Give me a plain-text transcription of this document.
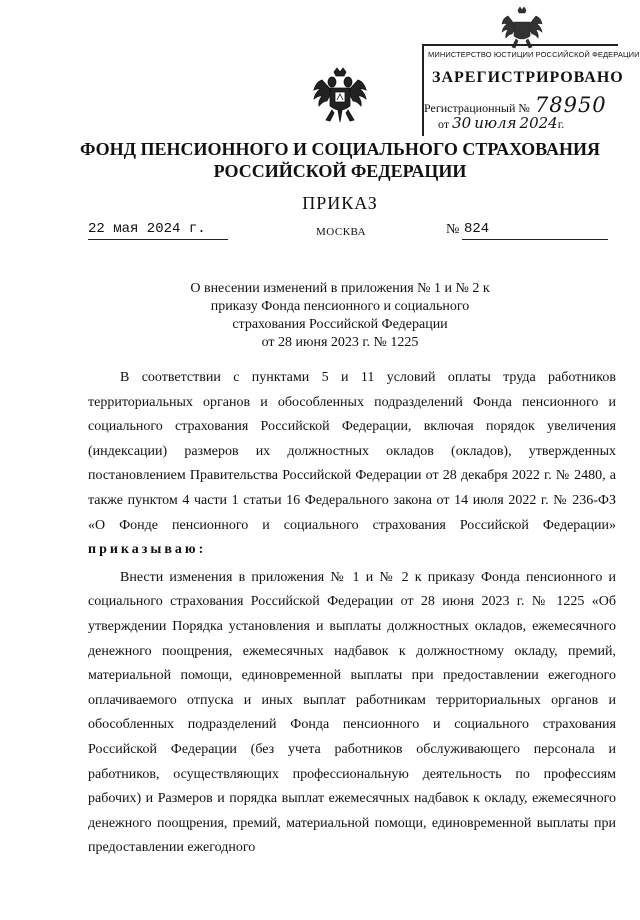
МИНИСТЕРСТВО ЮСТИЦИИ РОССИЙСКОЙ ФЕДЕРАЦИИ
ЗАРЕГИСТРИРОВАНО
Регистрационный № 78950
от 30 июля 2024г.
ФОНД ПЕНСИОННОГО И СОЦИАЛЬНОГО СТРАХОВАНИЯ
РОССИЙСКОЙ ФЕДЕРАЦИИ
ПРИКАЗ
22 мая 2024 г.	МОСКВА	№ 824
О внесении изменений в приложения № 1 и № 2 к
приказу Фонда пенсионного и социального
страхования Российской Федерации
от 28 июня 2023 г. № 1225

В соответствии с пунктами 5 и 11 условий оплаты труда работников территориальных органов и обособленных подразделений Фонда пенсионного и социального страхования Российской Федерации, включая порядок увеличения (индексации) размеров их должностных окладов (окладов), утвержденных постановлением Правительства Российской Федерации от 28 декабря 2022 г. № 2480, а также пунктом 4 части 1 статьи 16 Федерального закона от 14 июля 2022 г. № 236-ФЗ «О Фонде пенсионного и социального страхования Российской Федерации» приказываю:

Внести изменения в приложения № 1 и № 2 к приказу Фонда пенсионного и социального страхования Российской Федерации от 28 июня 2023 г. № 1225 «Об утверждении Порядка установления и выплаты должностных окладов, ежемесячного денежного поощрения, ежемесячных надбавок к должностному окладу, премий, материальной помощи, единовременной выплаты при предоставлении ежегодного оплачиваемого отпуска и иных выплат работникам территориальных органов и обособленных подразделений Фонда пенсионного и социального страхования Российской Федерации (без учета работников обслуживающего персонала и работников, осуществляющих профессиональную деятельность по профессиям рабочих) и Размеров и порядка выплат ежемесячных надбавок к окладу, ежемесячного денежного поощрения, премий, материальной помощи, единовременной выплаты при предоставлении ежегодного
